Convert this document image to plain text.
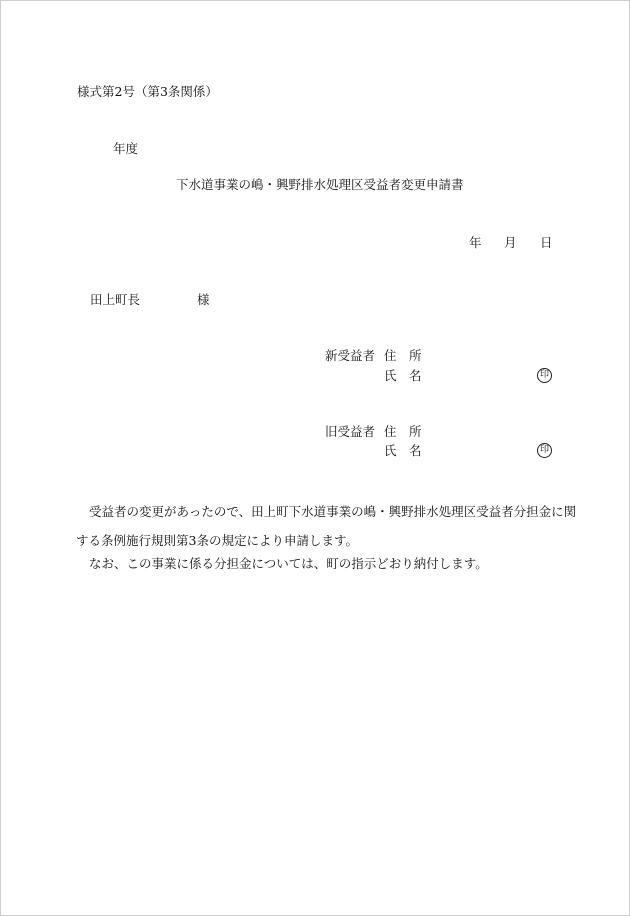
様式第2号（第3条関係）
年度
下水道事業の嶋・興野排水処理区受益者変更申請書
年 月 日
田上町長	様
新受益者 住　所
氏　名	印
旧受益者 住　所
氏　名	印
受益者の変更があったので、田上町下水道事業の嶋・興野排水処理区受益者分担金に関
する条例施行規則第3条の規定により申請します。
なお、この事業に係る分担金については、町の指示どおり納付します。
